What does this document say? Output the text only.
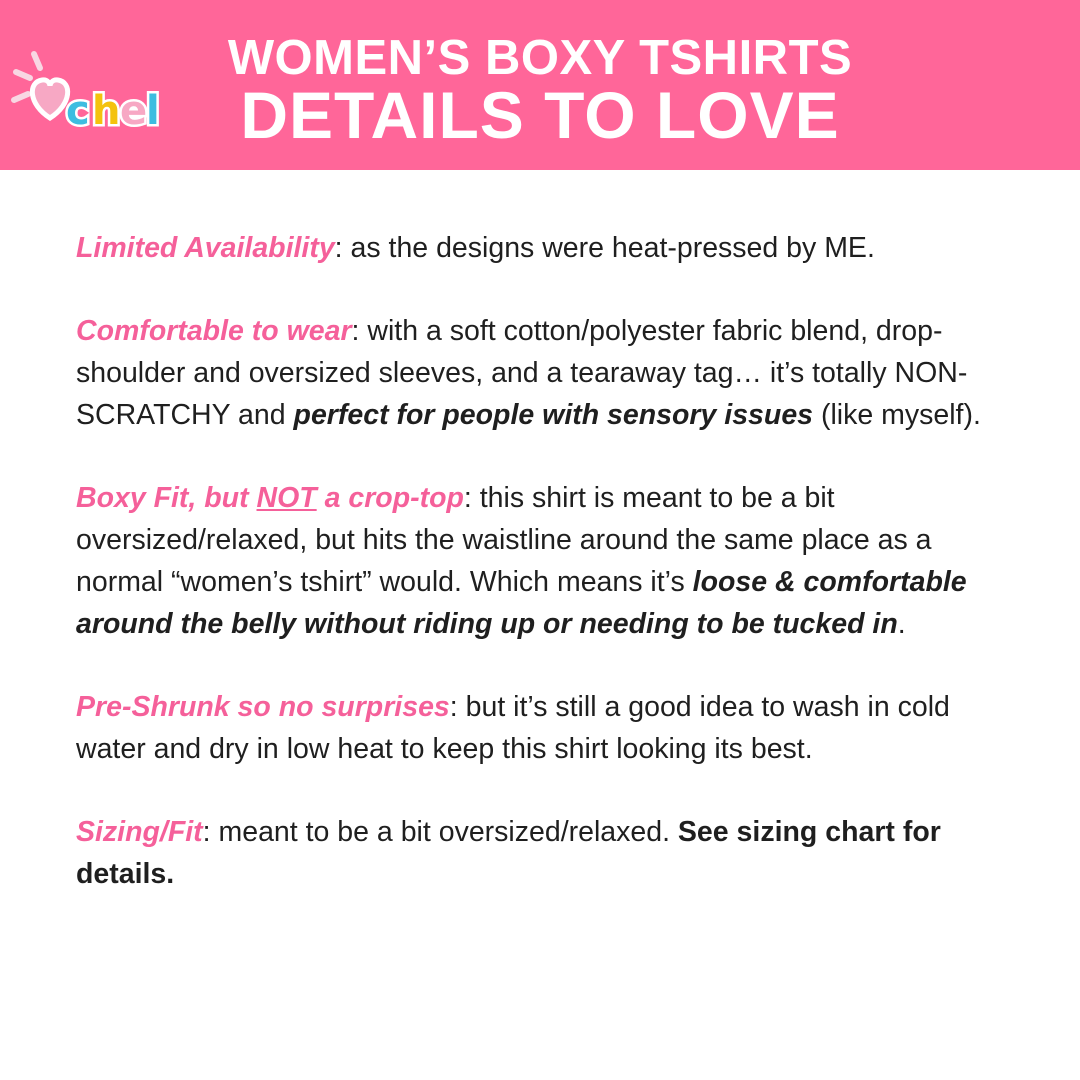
c h e
l
WOMEN’S BOXY TSHIRTS
DETAILS TO LOVE

Limited Availability: as the designs were heat-pressed by ME.

Comfortable to wear: with a soft cotton/polyester fabric blend, drop-shoulder and oversized sleeves, and a tearaway tag… it’s totally NON-SCRATCHY and perfect for people with sensory issues (like myself).

Boxy Fit, but NOT a crop-top: this shirt is meant to be a bit oversized/relaxed, but hits the waistline around the same place as a normal “women’s tshirt” would. Which means it’s loose & comfortable around the belly without riding up or needing to be tucked in.

Pre-Shrunk so no surprises: but it’s still a good idea to wash in cold water and dry in low heat to keep this shirt looking its best.

Sizing/Fit: meant to be a bit oversized/relaxed. See sizing chart for details.
